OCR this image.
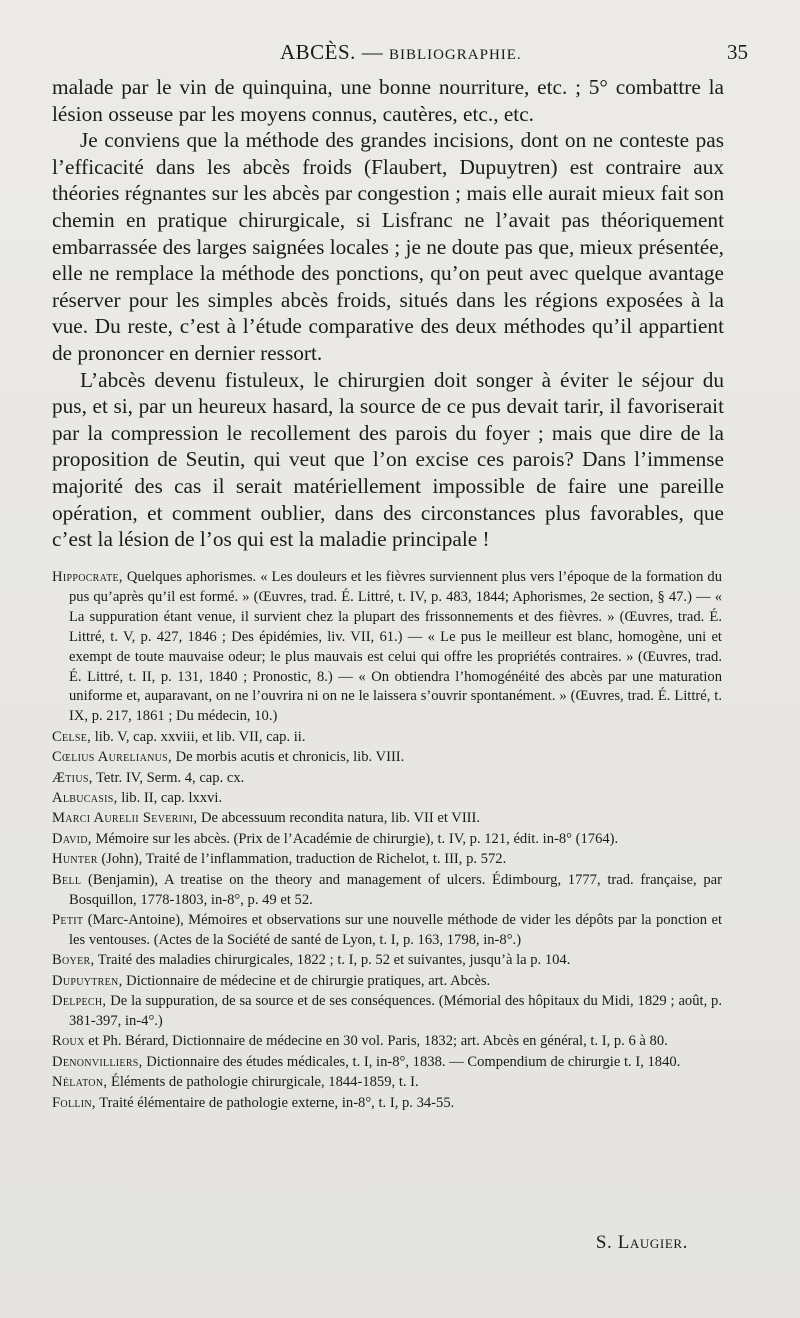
ABCÈS. — BIBLIOGRAPHIE.	35

malade par le vin de quinquina, une bonne nourriture, etc. ; 5° combattre la lésion osseuse par les moyens connus, cautères, etc., etc.

Je conviens que la méthode des grandes incisions, dont on ne conteste pas l’efficacité dans les abcès froids (Flaubert, Dupuytren) est contraire aux théories régnantes sur les abcès par congestion ; mais elle aurait mieux fait son chemin en pratique chirurgicale, si Lisfranc ne l’avait pas théoriquement embarrassée des larges saignées locales ; je ne doute pas que, mieux présentée, elle ne remplace la méthode des ponctions, qu’on peut avec quelque avantage réserver pour les simples abcès froids, situés dans les régions exposées à la vue. Du reste, c’est à l’étude comparative des deux méthodes qu’il appartient de prononcer en dernier ressort.

L’abcès devenu fistuleux, le chirurgien doit songer à éviter le séjour du pus, et si, par un heureux hasard, la source de ce pus devait tarir, il favoriserait par la compression le recollement des parois du foyer ; mais que dire de la proposition de Seutin, qui veut que l’on excise ces parois? Dans l’immense majorité des cas il serait matériellement impossible de faire une pareille opération, et comment oublier, dans des circonstances plus favorables, que c’est la lésion de l’os qui est la maladie principale !

Hippocrate, Quelques aphorismes. « Les douleurs et les fièvres surviennent plus vers l’époque de la formation du pus qu’après qu’il est formé. » (Œuvres, trad. É. Littré, t. IV, p. 483, 1844; Aphorismes, 2e section, § 47.) — « La suppuration étant venue, il survient chez la plupart des frissonnements et des fièvres. » (Œuvres, trad. É. Littré, t. V, p. 427, 1846 ; Des épidémies, liv. VII, 61.) — « Le pus le meilleur est blanc, homogène, uni et exempt de toute mauvaise odeur; le plus mauvais est celui qui offre les propriétés contraires. » (Œuvres, trad. É. Littré, t. II, p. 131, 1840 ; Pronostic, 8.) — « On obtiendra l’homogénéité des abcès par une maturation uniforme et, auparavant, on ne l’ouvrira ni on ne le laissera s’ouvrir spontanément. » (Œuvres, trad. É. Littré, t. IX, p. 217, 1861 ; Du médecin, 10.)

Celse, lib. V, cap. xxviii, et lib. VII, cap. ii.

Cœlius Aurelianus, De morbis acutis et chronicis, lib. VIII.

Ætius, Tetr. IV, Serm. 4, cap. cx.

Albucasis, lib. II, cap. lxxvi.

Marci Aurelii Severini, De abcessuum recondita natura, lib. VII et VIII.

David, Mémoire sur les abcès. (Prix de l’Académie de chirurgie), t. IV, p. 121, édit. in-8° (1764).

Hunter (John), Traité de l’inflammation, traduction de Richelot, t. III, p. 572.

Bell (Benjamin), A treatise on the theory and management of ulcers. Édimbourg, 1777, trad. française, par Bosquillon, 1778-1803, in-8°, p. 49 et 52.

Petit (Marc-Antoine), Mémoires et observations sur une nouvelle méthode de vider les dépôts par la ponction et les ventouses. (Actes de la Société de santé de Lyon, t. I, p. 163, 1798, in-8°.)

Boyer, Traité des maladies chirurgicales, 1822 ; t. I, p. 52 et suivantes, jusqu’à la p. 104.

Dupuytren, Dictionnaire de médecine et de chirurgie pratiques, art. Abcès.

Delpech, De la suppuration, de sa source et de ses conséquences. (Mémorial des hôpitaux du Midi, 1829 ; août, p. 381-397, in-4°.)

Roux et Ph. Bérard, Dictionnaire de médecine en 30 vol. Paris, 1832; art. Abcès en général, t. I, p. 6 à 80.

Denonvilliers, Dictionnaire des études médicales, t. I, in-8°, 1838. — Compendium de chirurgie t. I, 1840.

Nélaton, Éléments de pathologie chirurgicale, 1844-1859, t. I.

Follin, Traité élémentaire de pathologie externe, in-8°, t. I, p. 34-55.

S. Laugier.
